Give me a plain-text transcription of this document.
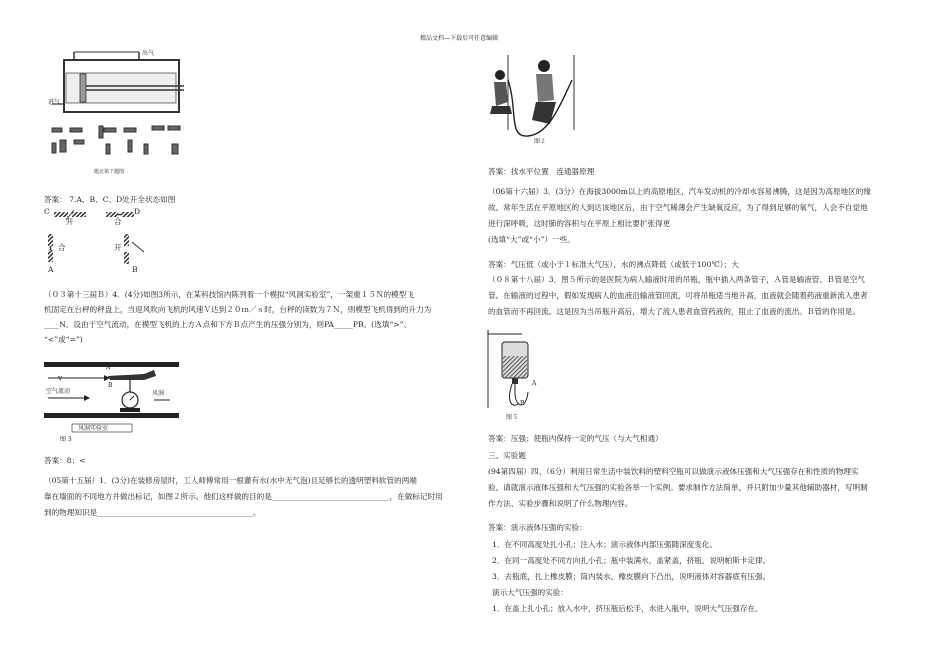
精品文档---下载后可任意编辑
进气
出气
题北第７题图
答案： 7.A、B、C、D处开全状态如图
C	D
开	合
合	开
A	B
（０３第十三届Ｂ）4．(4分)如图3所示，在某科技馆内陈列着一个模拟“风洞实验室”，一架重１５Ｎ的模型飞
机固定在台秤的秤盘上，当迎风吹向飞机的风速Ｖ达到２０ｍ／ｓ时，台秤的读数为７Ｎ，则模型飞机得到的升力为
____N。设由于空气流动，在模型飞机的上方Ａ点和下方Ｂ点产生的压强分别为，则PA_____PB。(选填“>”、
“<”或“=”)
v
空气流动
A
B
风洞
风洞实验室
图 3
答案：8；<
（05第十五届）1．(3分)在装修房屋时，工人师傅常用一根灌有水(水中无气泡)且足够长的透明塑料软管的两端
靠在墙面的不同地方并做出标记，如图２所示。他们这样做的目的是_______________________________，在做标记时用
到的物理知识是_________________________________________。
图２
答案：找水平位置　连通器原理
（06第十六届）3．(3分）在海拔3000m以上的高原地区，汽车发动机的冷却水容易沸腾，这是因为高原地区的缘
故。常年生活在平原地区的人到达该地区后，由于空气稀薄会产生缺氧反应，为了得到足够的氧气，人会不自觉地
进行深呼吸，这时肺的容积与在平原上相比要扩张得更
(选填“大”或“小”）一些。
答案：气压低（或小于１标准大气压），水的沸点降低（或低于100℃）；大
（０８第十八届）3．图５所示的是医院为病人输液时用的吊瓶，瓶中插入两条管子，Ａ管是输液管、Ｂ管是空气
管。在输液的过程中，假如发现病人的血液沿输液管回流，可将吊瓶适当地升高，血液就会随着药液重新流入患者
的血管而不再回流。这是因为当吊瓶升高后，增大了流入患者血管药液的，阻止了血液的流出。Ｂ管的作用是。
A
B
图５
答案：压强；使瓶内保持一定的气压（与大气相通）
三、实验题
(94第四届）四、（6分）利用日常生活中装饮料的塑料空瓶可以做演示液体压强和大气压强存在和性质的物理实
验。请就演示液体压强和大气压强的实验各举一个实例。要求制作方法简单，并只附加少量其他辅助器材，写明制
作方法、实验步骤和说明了什么物理内容。
答案：演示液体压强的实验：
1．在不同高度处扎小孔；注入水；演示液体内部压强随深度变化。
2．在同一高度处不同方向扎小孔；瓶中装满水，盖紧盖，挤瓶，说明帕斯卡定律。
3．去瓶底，扎上橡皮膜；筒内装水，橡皮膜向下凸出，说明液体对容器底有压强。
演示大气压强的实验：
1．在盖上扎小孔；放入水中，挤压瓶后松手，水进入瓶中，说明大气压强存在。
